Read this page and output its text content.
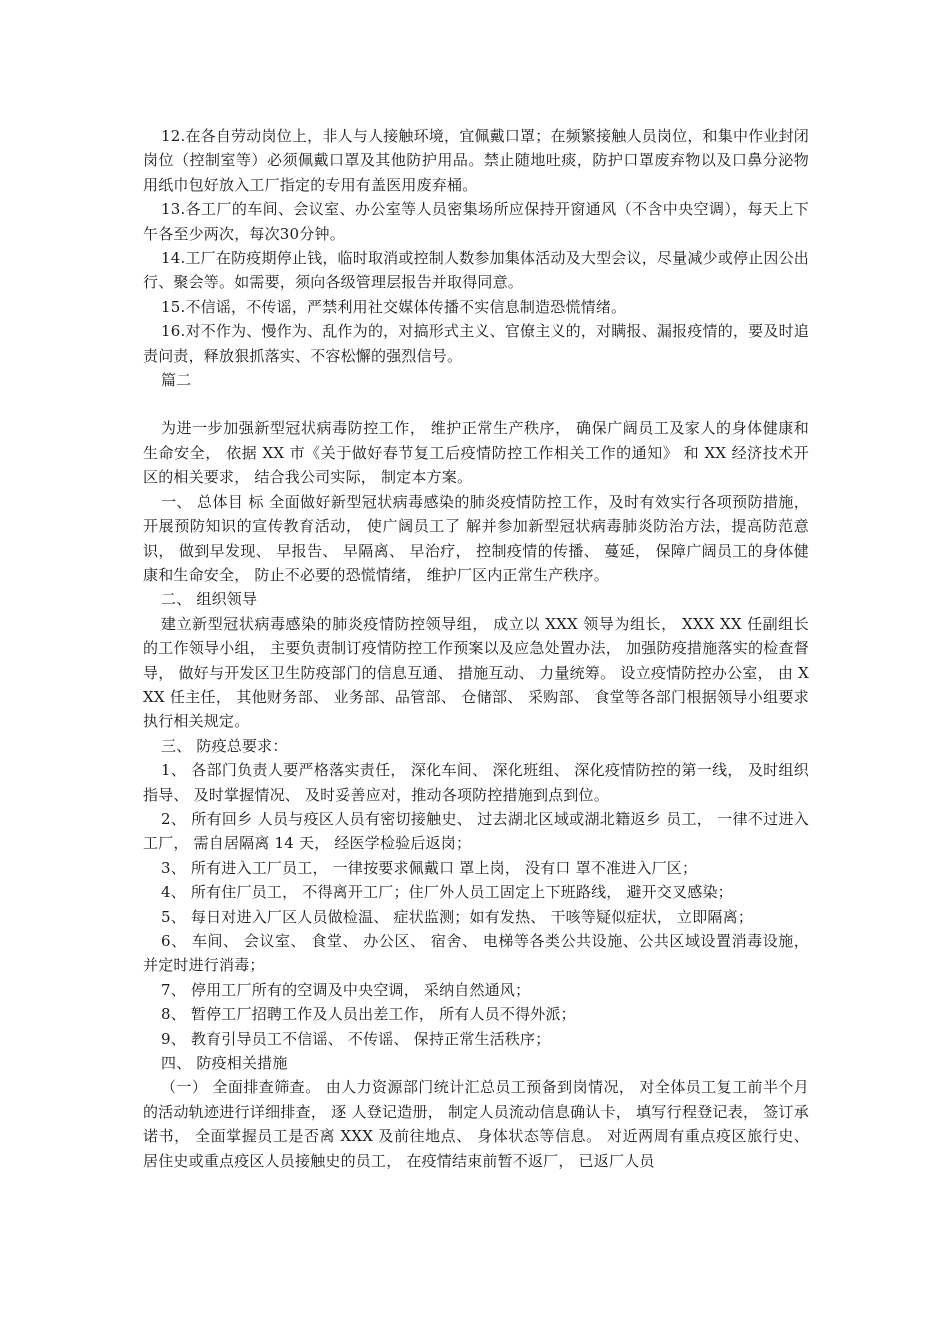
12.在各自劳动岗位上，非人与人接触环境，宜佩戴口罩；在频繁接触人员岗位，和集中作业封闭岗位（控制室等）必须佩戴口罩及其他防护用品。禁止随地吐痰，防护口罩废弃物以及口鼻分泌物用纸巾包好放入工厂指定的专用有盖医用废弃桶。

13.各工厂的车间、会议室、办公室等人员密集场所应保持开窗通风（不含中央空调），每天上下午各至少两次，每次30分钟。

14.工厂在防疫期停止钱，临时取消或控制人数参加集体活动及大型会议，尽量减少或停止因公出行、聚会等。如需要，须向各级管理层报告并取得同意。

15.不信谣，不传谣，严禁利用社交媒体传播不实信息制造恐慌情绪。

16.对不作为、慢作为、乱作为的，对搞形式主义、官僚主义的，对瞒报、漏报疫情的，要及时追责问责，释放狠抓落实、不容松懈的强烈信号。

篇二

为进一步加强新型冠状病毒防控工作， 维护正常生产秩序， 确保广阔员工及家人的身体健康和生命安全， 依据 XX 市《关于做好春节复工后疫情防控工作相关工作的通知》 和 XX 经济技术开区的相关要求， 结合我公司实际， 制定本方案。

一、 总体目 标 全面做好新型冠状病毒感染的肺炎疫情防控工作，及时有效实行各项预防措施， 开展预防知识的宣传教育活动， 使广阔员工了 解并参加新型冠状病毒肺炎防治方法，提高防范意识， 做到早发现、 早报告、 早隔离、 早治疗， 控制疫情的传播、 蔓延， 保障广阔员工的身体健康和生命安全， 防止不必要的恐慌情绪， 维护厂区内正常生产秩序。

二、 组织领导

建立新型冠状病毒感染的肺炎疫情防控领导组， 成立以 XXX 领导为组长， XXX XX 任副组长的工作领导小组， 主要负责制订疫情防控工作预案以及应急处置办法， 加强防疫措施落实的检查督导， 做好与开发区卫生防疫部门的信息互通、 措施互动、 力量统筹。 设立疫情防控办公室， 由 XXX 任主任， 其他财务部、 业务部、品管部、 仓储部、 采购部、 食堂等各部门根据领导小组要求执行相关规定。

三、 防疫总要求：

1、 各部门负责人要严格落实责任， 深化车间、 深化班组、 深化疫情防控的第一线， 及时组织指导、 及时掌握情况、 及时妥善应对，推动各项防控措施到点到位。

2、 所有回乡 人员与疫区人员有密切接触史、 过去湖北区域或湖北籍返乡 员工， 一律不过进入工厂， 需自居隔离 14 天， 经医学检验后返岗；

3、 所有进入工厂员工， 一律按要求佩戴口 罩上岗， 没有口 罩不准进入厂区；

4、 所有住厂员工， 不得离开工厂；住厂外人员工固定上下班路线， 避开交叉感染；

5、 每日对进入厂区人员做检温、 症状监测；如有发热、 干咳等疑似症状， 立即隔离；

6、 车间、 会议室、 食堂、 办公区、 宿舍、 电梯等各类公共设施、公共区域设置消毒设施， 并定时进行消毒；

7、 停用工厂所有的空调及中央空调， 采纳自然通风；

8、 暂停工厂招聘工作及人员出差工作， 所有人员不得外派；

9、 教育引导员工不信谣、 不传谣、 保持正常生活秩序；

四、 防疫相关措施

（一） 全面排查筛查。 由人力资源部门统计汇总员工预备到岗情况， 对全体员工复工前半个月 的活动轨迹进行详细排查， 逐 人登记造册， 制定人员流动信息确认卡， 填写行程登记表， 签订承诺书， 全面掌握员工是否离 XXX 及前往地点、 身体状态等信息。 对近两周有重点疫区旅行史、 居住史或重点疫区人员接触史的员工， 在疫情结束前暂不返厂， 已返厂人员
